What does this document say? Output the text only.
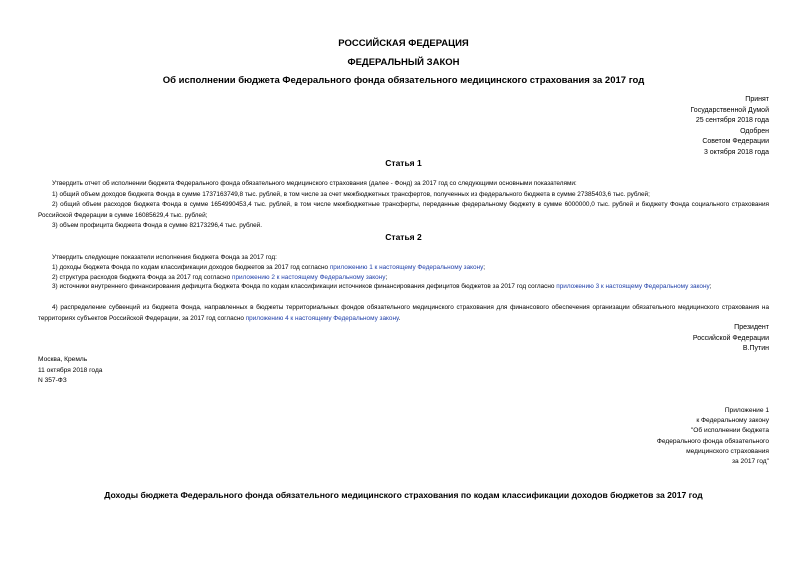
РОССИЙСКАЯ ФЕДЕРАЦИЯ
ФЕДЕРАЛЬНЫЙ ЗАКОН
Об исполнении бюджета Федерального фонда обязательного медицинского страхования за 2017 год
Принят
Государственной Думой
25 сентября 2018 года
Одобрен
Советом Федерации
3 октября 2018 года
Статья 1
Утвердить отчет об исполнении бюджета Федерального фонда обязательного медицинского страхования (далее - Фонд) за 2017 год со следующими основными показателями:
1) общий объем доходов бюджета Фонда в сумме 1737163749,8 тыс. рублей, в том числе за счет межбюджетных трансфертов, полученных из федерального бюджета в сумме 27385403,6 тыс. рублей;
2) общий объем расходов бюджета Фонда в сумме 1654990453,4 тыс. рублей, в том числе межбюджетные трансферты, переданные федеральному бюджету в сумме 6000000,0 тыс. рублей и бюджету Фонда социального страхования Российской Федерации в сумме 16085629,4 тыс. рублей;
3) объем профицита бюджета Фонда в сумме 82173296,4 тыс. рублей.
Статья 2
Утвердить следующие показатели исполнения бюджета Фонда за 2017 год:
1) доходы бюджета Фонда по кодам классификации доходов бюджетов за 2017 год согласно приложению 1 к настоящему Федеральному закону;
2) структура расходов бюджета Фонда за 2017 год согласно приложению 2 к настоящему Федеральному закону;
3) источники внутреннего финансирования дефицита бюджета Фонда по кодам классификации источников финансирования дефицитов бюджетов за 2017 год согласно приложению 3 к настоящему Федеральному закону;
4) распределение субвенций из бюджета Фонда, направленных в бюджеты территориальных фондов обязательного медицинского страхования для финансового обеспечения организации обязательного медицинского страхования на территориях субъектов Российской Федерации, за 2017 год согласно приложению 4 к настоящему Федеральному закону.
Президент
Российской Федерации
В.Путин
Москва, Кремль
11 октября 2018 года
N 357-ФЗ
Приложение 1
к Федеральному закону
"Об исполнении бюджета
Федерального фонда обязательного
медицинского страхования
за 2017 год"
Доходы бюджета Федерального фонда обязательного медицинского страхования по кодам классификации доходов бюджетов за 2017 год
